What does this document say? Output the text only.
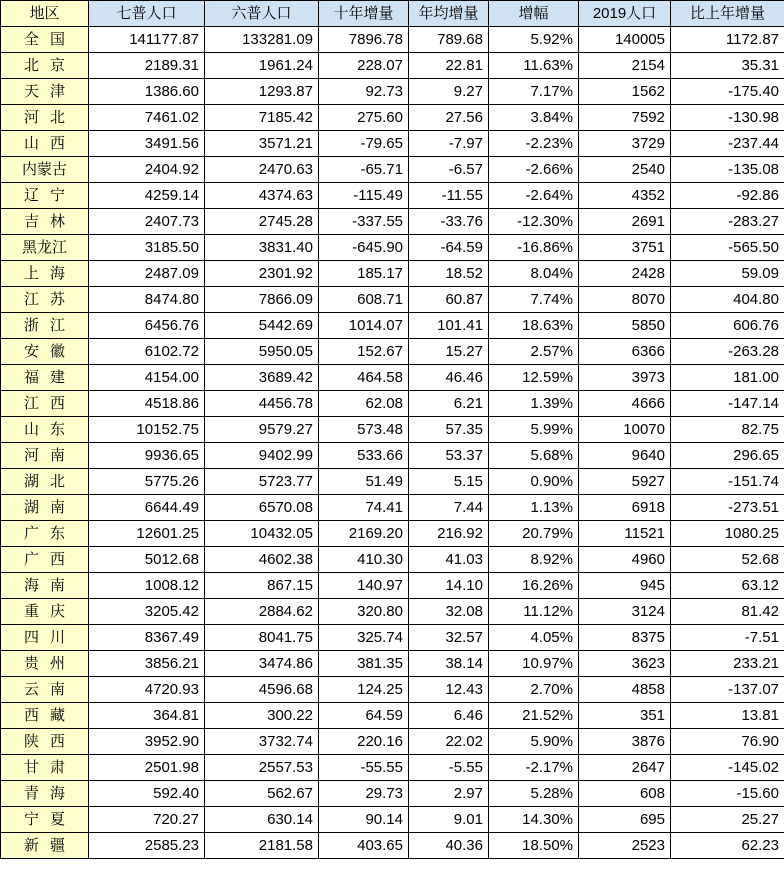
地区	七普人口	六普人口	十年增量	年均增量	增幅	2019人口	比上年增量

全 国	141177.87	133281.09	7896.78	789.68	5.92%	140005	1172.87

北 京	2189.31	1961.24	228.07	22.81	11.63%	2154	35.31

天 津	1386.60	1293.87	92.73	9.27	7.17%	1562	-175.40

河 北	7461.02	7185.42	275.60	27.56	3.84%	7592	-130.98

山 西	3491.56	3571.21	-79.65	-7.97	-2.23%	3729	-237.44

内蒙古	2404.92	2470.63	-65.71	-6.57	-2.66%	2540	-135.08

辽 宁	4259.14	4374.63	-115.49	-11.55	-2.64%	4352	-92.86

吉 林	2407.73	2745.28	-337.55	-33.76	-12.30%	2691	-283.27

黑龙江	3185.50	3831.40	-645.90	-64.59	-16.86%	3751	-565.50

上 海	2487.09	2301.92	185.17	18.52	8.04%	2428	59.09

江 苏	8474.80	7866.09	608.71	60.87	7.74%	8070	404.80

浙 江	6456.76	5442.69	1014.07	101.41	18.63%	5850	606.76

安 徽	6102.72	5950.05	152.67	15.27	2.57%	6366	-263.28

福 建	4154.00	3689.42	464.58	46.46	12.59%	3973	181.00

江 西	4518.86	4456.78	62.08	6.21	1.39%	4666	-147.14

山 东	10152.75	9579.27	573.48	57.35	5.99%	10070	82.75

河 南	9936.65	9402.99	533.66	53.37	5.68%	9640	296.65

湖 北	5775.26	5723.77	51.49	5.15	0.90%	5927	-151.74

湖 南	6644.49	6570.08	74.41	7.44	1.13%	6918	-273.51

广 东	12601.25	10432.05	2169.20	216.92	20.79%	11521	1080.25

广 西	5012.68	4602.38	410.30	41.03	8.92%	4960	52.68

海 南	1008.12	867.15	140.97	14.10	16.26%	945	63.12

重 庆	3205.42	2884.62	320.80	32.08	11.12%	3124	81.42

四 川	8367.49	8041.75	325.74	32.57	4.05%	8375	-7.51

贵 州	3856.21	3474.86	381.35	38.14	10.97%	3623	233.21

云 南	4720.93	4596.68	124.25	12.43	2.70%	4858	-137.07

西 藏	364.81	300.22	64.59	6.46	21.52%	351	13.81

陕 西	3952.90	3732.74	220.16	22.02	5.90%	3876	76.90

甘 肃	2501.98	2557.53	-55.55	-5.55	-2.17%	2647	-145.02

青 海	592.40	562.67	29.73	2.97	5.28%	608	-15.60

宁 夏	720.27	630.14	90.14	9.01	14.30%	695	25.27

新 疆	2585.23	2181.58	403.65	40.36	18.50%	2523	62.23
